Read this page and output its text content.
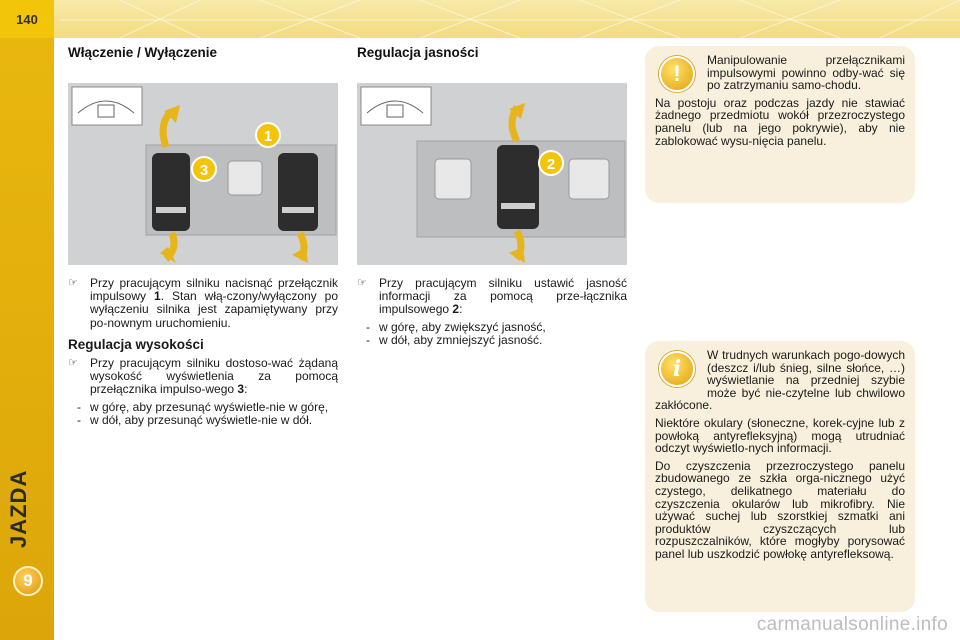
140
JAZDA
9
Włączenie / Wyłączenie
1
3
☞	Przy pracującym silniku nacisnąć przełącznik impulsowy 1. Stan włą-czony/wyłączony po wyłączeniu silnika jest zapamiętywany przy po-nownym uruchomieniu.
Regulacja wysokości
☞	Przy pracującym silniku dostoso-wać żądaną wysokość wyświetlenia za pomocą przełącznika impulso-wego 3:
- w górę, aby przesunąć wyświetle-nie w górę,
- w dół, aby przesunąć wyświetle-nie w dół.
Regulacja jasności
2
☞	Przy pracującym silniku ustawić jasność informacji za pomocą prze-łącznika impulsowego 2:
- w górę, aby zwiększyć jasność,
- w dół, aby zmniejszyć jasność.
!

Manipulowanie przełącznikami impulsowymi powinno odby-wać się po zatrzymaniu samo-chodu.

Na postoju oraz podczas jazdy nie stawiać żadnego przedmiotu wokół przezroczystego panelu (lub na jego pokrywie), aby nie zablokować wysu-nięcia panelu.

i

W trudnych warunkach pogo-dowych (deszcz i/lub śnieg, silne słońce, …) wyświetlanie na przedniej szybie może być nie-czytelne lub chwilowo zakłócone.

Niektóre okulary (słoneczne, korek-cyjne lub z powłoką antyrefleksyjną) mogą utrudniać odczyt wyświetlo-nych informacji.

Do czyszczenia przezroczystego panelu zbudowanego ze szkła orga-nicznego użyć czystego, delikatnego materiału do czyszczenia okularów lub mikrofibry. Nie używać suchej lub szorstkiej szmatki ani produktów czyszczących lub rozpuszczalników, które mogłyby porysować panel lub uszkodzić powłokę antyrefleksową.

carmanualsonline.info
